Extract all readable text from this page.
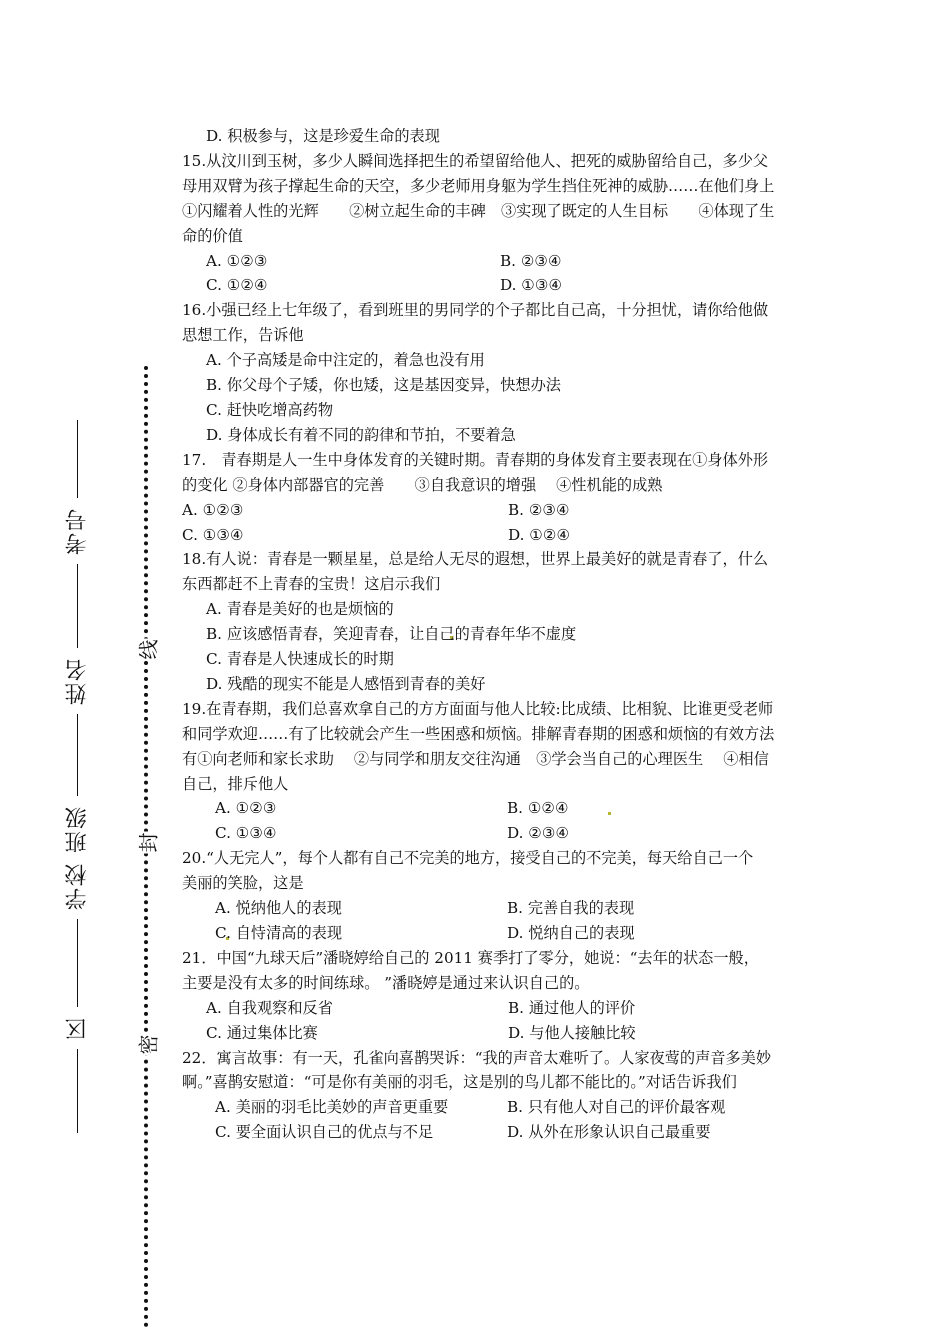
区  学校 班级  姓名  考号
密
封
线

D. 积极参与，这是珍爱生命的表现

15.从汶川到玉树，多少人瞬间选择把生的希望留给他人、把死的威胁留给自己，多少父

母用双臂为孩子撑起生命的天空，多少老师用身躯为学生挡住死神的威胁……在他们身上

①闪耀着人性的光辉　　②树立起生命的丰碑　③实现了既定的人生目标　　④体现了生

命的价值

A. ①②③	B. ②③④
C. ①②④	D. ①③④

16.小强已经上七年级了，看到班里的男同学的个子都比自己高，十分担忧，请你给他做

思想工作，告诉他

A. 个子高矮是命中注定的，着急也没有用

B. 你父母个子矮，你也矮，这是基因变异，快想办法

C. 赶快吃增高药物

D. 身体成长有着不同的韵律和节拍，不要着急

17.　青春期是人一生中身体发育的关键时期。青春期的身体发育主要表现在①身体外形

的变化 ②身体内部器官的完善　　③自我意识的增强　 ④性机能的成熟

A. ①②③	B. ②③④
C. ①③④	D. ①②④

18.有人说：青春是一颗星星，总是给人无尽的遐想，世界上最美好的就是青春了，什么

东西都赶不上青春的宝贵！这启示我们

A. 青春是美好的也是烦恼的

B. 应该感悟青春，笑迎青春，让自己的青春年华不虚度

C. 青春是人快速成长的时期

D. 残酷的现实不能是人感悟到青春的美好

19.在青春期，我们总喜欢拿自己的方方面面与他人比较:比成绩、比相貌、比谁更受老师

和同学欢迎……有了比较就会产生一些困惑和烦恼。排解青春期的困惑和烦恼的有效方法

有①向老师和家长求助　 ②与同学和朋友交往沟通　③学会当自己的心理医生　 ④相信

自己，排斥他人

A. ①②③	B. ①②④
C. ①③④	D. ②③④

20.“人无完人”，每个人都有自己不完美的地方，接受自己的不完美，每天给自己一个

美丽的笑脸，这是

A. 悦纳他人的表现	B. 完善自我的表现
C. 自恃清高的表现	D. 悦纳自己的表现

21．中国“九球天后”潘晓婷给自己的 2011 赛季打了零分，她说：“去年的状态一般，

主要是没有太多的时间练球。 ”潘晓婷是通过来认识自己的。

A. 自我观察和反省	B. 通过他人的评价
C. 通过集体比赛	D. 与他人接触比较

22．寓言故事：有一天，孔雀向喜鹊哭诉：“我的声音太难听了。人家夜莺的声音多美妙

啊。”喜鹊安慰道：“可是你有美丽的羽毛，这是别的鸟儿都不能比的。”对话告诉我们

A. 美丽的羽毛比美妙的声音更重要	B. 只有他人对自己的评价最客观
C. 要全面认识自己的优点与不足	D. 从外在形象认识自己最重要
